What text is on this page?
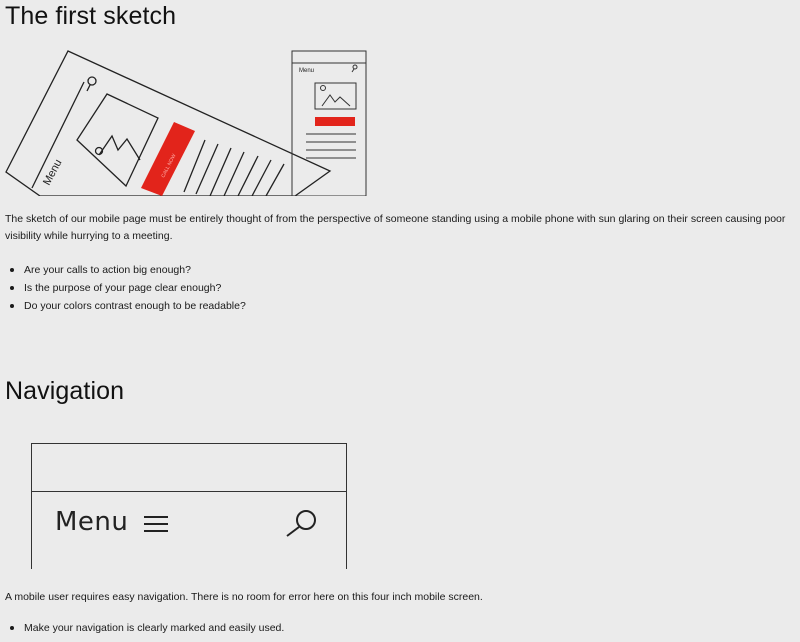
The first sketch
Menu
Menu
CALL NOW

The sketch of our mobile page must be entirely thought of from the perspective of someone standing using a mobile phone with sun glaring on their screen causing poor visibility while hurrying to a meeting.

Are your calls to action big enough?
Is the purpose of your page clear enough?
Do your colors contrast enough to be readable?
Navigation
Menu

A mobile user requires easy navigation. There is no room for error here on this four inch mobile screen.

Make your navigation is clearly marked and easily used.
